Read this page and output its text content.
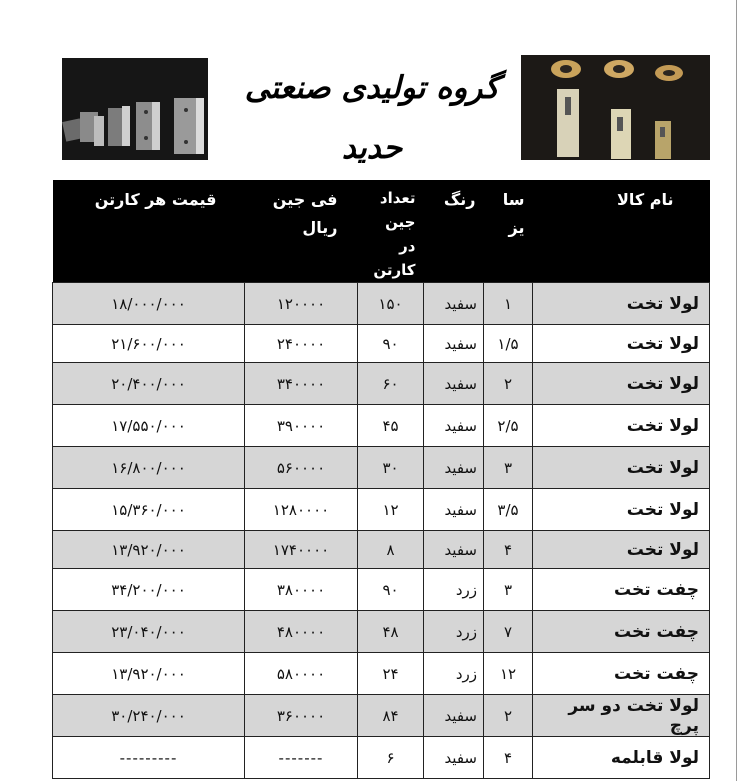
گروه تولیدی صنعتی حدید
نام کالا	سا یز	رنگ	تعداد جین در کارتن	فی جین ریال	قیمت هر کارتن
لولا تخت	۱	سفید	۱۵۰	۱۲۰۰۰۰	۱۸/۰۰۰/۰۰۰
لولا تخت	۱/۵	سفید	۹۰	۲۴۰۰۰۰	۲۱/۶۰۰/۰۰۰
لولا تخت	۲	سفید	۶۰	۳۴۰۰۰۰	۲۰/۴۰۰/۰۰۰
لولا تخت	۲/۵	سفید	۴۵	۳۹۰۰۰۰	۱۷/۵۵۰/۰۰۰
لولا تخت	۳	سفید	۳۰	۵۶۰۰۰۰	۱۶/۸۰۰/۰۰۰
لولا تخت	۳/۵	سفید	۱۲	۱۲۸۰۰۰۰	۱۵/۳۶۰/۰۰۰
لولا تخت	۴	سفید	۸	۱۷۴۰۰۰۰	۱۳/۹۲۰/۰۰۰
چفت تخت	۳	زرد	۹۰	۳۸۰۰۰۰	۳۴/۲۰۰/۰۰۰
چفت تخت	۷	زرد	۴۸	۴۸۰۰۰۰	۲۳/۰۴۰/۰۰۰
چفت تخت	۱۲	زرد	۲۴	۵۸۰۰۰۰	۱۳/۹۲۰/۰۰۰
لولا تخت دو سر پرچ	۲	سفید	۸۴	۳۶۰۰۰۰	۳۰/۲۴۰/۰۰۰
لولا قابلمه	۴	سفید	۶	-------	---------
